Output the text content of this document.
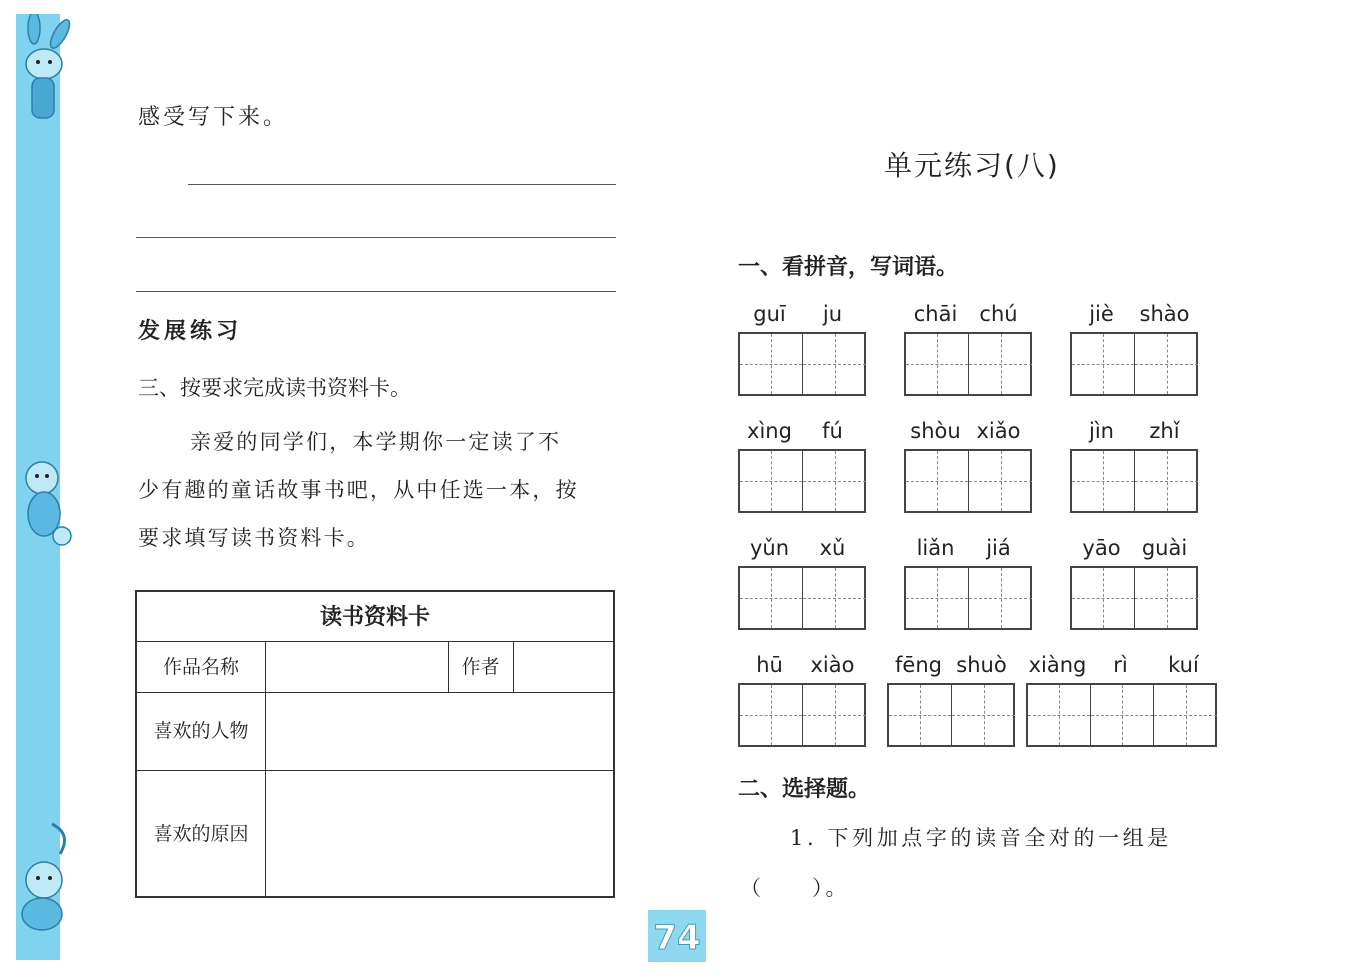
感受写下来。
发展练习
三、按要求完成读书资料卡。

亲爱的同学们，本学期你一定读了不

少有趣的童话故事书吧，从中任选一本，按

要求填写读书资料卡。

读书资料卡
作品名称	作者
喜欢的人物
喜欢的原因
单元练习(八)
一、看拼音，写词语。
guī	ju	chāi	chú	jiè	shào
xìng	fú	shòu xiǎo	jìn	zhǐ
yǔn	xǔ	liǎn	jiá	yāo	guài
hū	xiào	fēng shuò xiàng	rì	kuí
二、选择题。
1. 下列加点字的读音全对的一组是
（　　）。
74
